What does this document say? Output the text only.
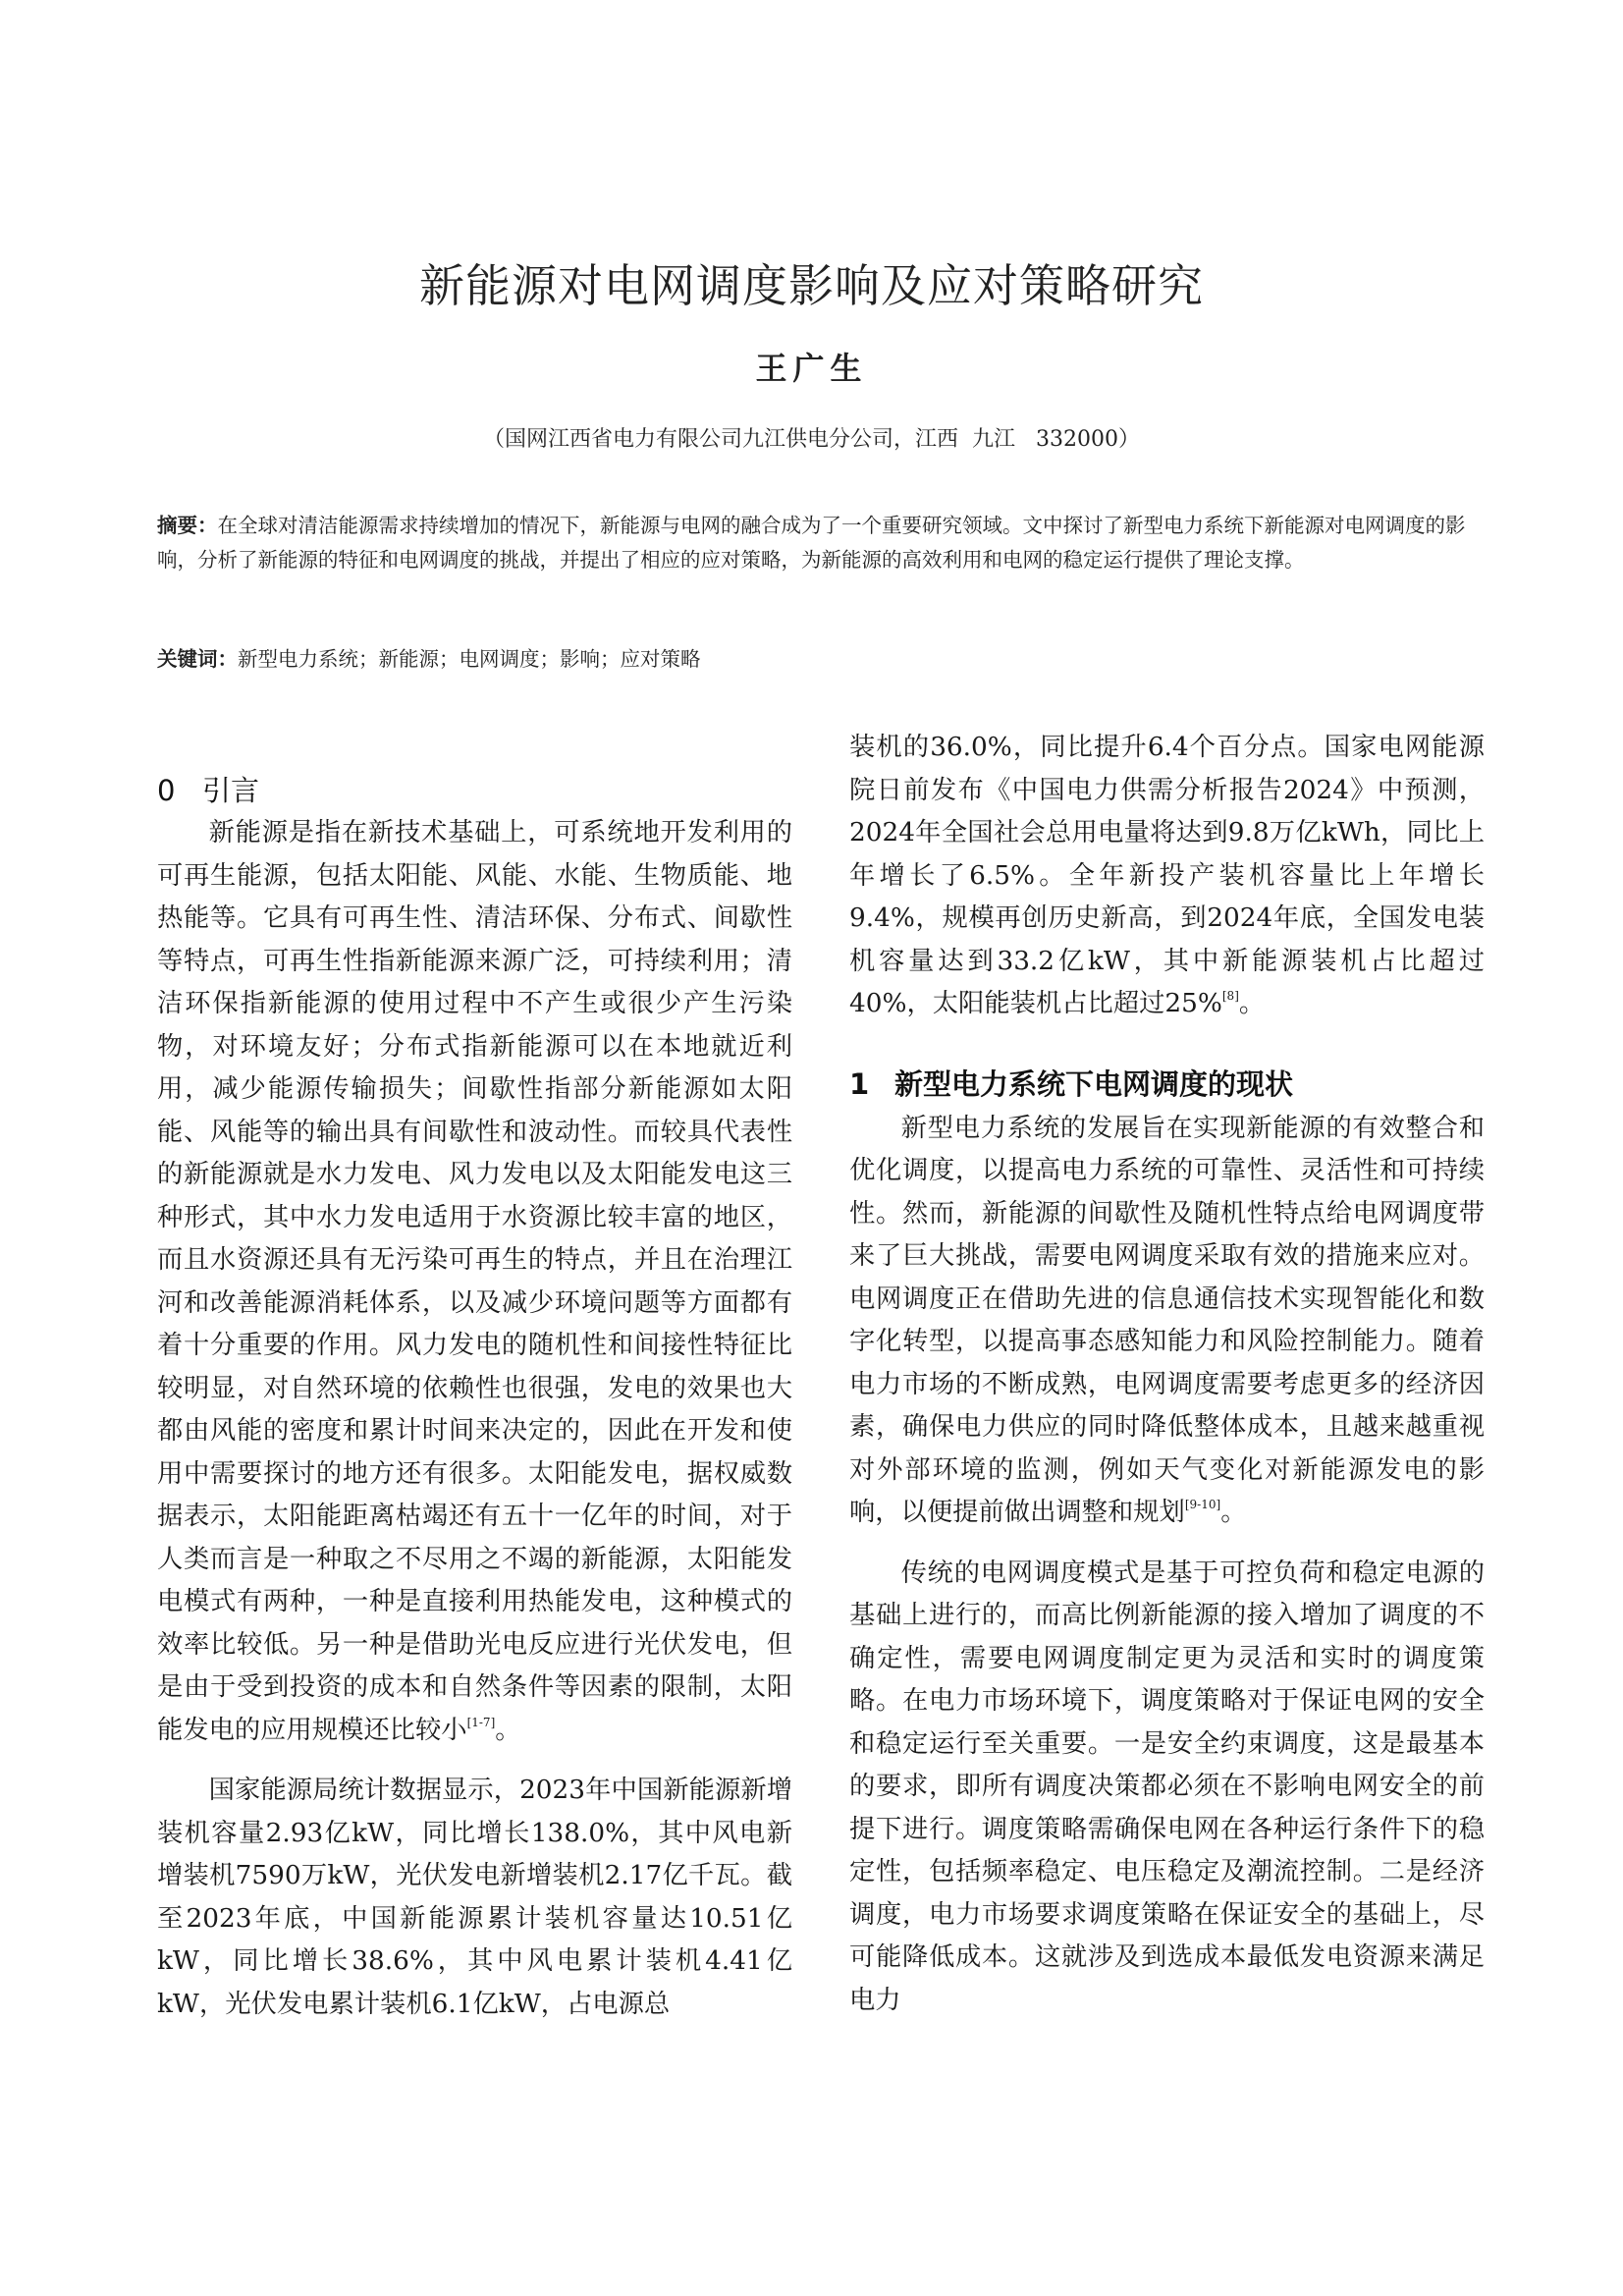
新能源对电网调度影响及应对策略研究
王广生
（国网江西省电力有限公司九江供电分公司，江西  九江   332000）
摘要：在全球对清洁能源需求持续增加的情况下，新能源与电网的融合成为了一个重要研究领域。文中探讨了新型电力系统下新能源对电网调度的影响，分析了新能源的特征和电网调度的挑战，并提出了相应的应对策略，为新能源的高效利用和电网的稳定运行提供了理论支撑。
关键词：新型电力系统；新能源；电网调度；影响；应对策略
0 引言

新能源是指在新技术基础上，可系统地开发利用的可再生能源，包括太阳能、风能、水能、生物质能、地热能等。它具有可再生性、清洁环保、分布式、间歇性等特点，可再生性指新能源来源广泛，可持续利用；清洁环保指新能源的使用过程中不产生或很少产生污染物，对环境友好；分布式指新能源可以在本地就近利用，减少能源传输损失；间歇性指部分新能源如太阳能、风能等的输出具有间歇性和波动性。而较具代表性的新能源就是水力发电、风力发电以及太阳能发电这三种形式，其中水力发电适用于水资源比较丰富的地区，而且水资源还具有无污染可再生的特点，并且在治理江河和改善能源消耗体系，以及减少环境问题等方面都有着十分重要的作用。风力发电的随机性和间接性特征比较明显，对自然环境的依赖性也很强，发电的效果也大都由风能的密度和累计时间来决定的，因此在开发和使用中需要探讨的地方还有很多。太阳能发电，据权威数据表示，太阳能距离枯竭还有五十一亿年的时间，对于人类而言是一种取之不尽用之不竭的新能源，太阳能发电模式有两种，一种是直接利用热能发电，这种模式的效率比较低。另一种是借助光电反应进行光伏发电，但是由于受到投资的成本和自然条件等因素的限制，太阳能发电的应用规模还比较小[1-7]。

国家能源局统计数据显示，2023年中国新能源新增装机容量2.93亿kW，同比增长138.0%，其中风电新增装机7590万kW，光伏发电新增装机2.17亿千瓦。截至2023年底，中国新能源累计装机容量达10.51亿kW，同比增长38.6%，其中风电累计装机4.41亿kW，光伏发电累计装机6.1亿kW，占电源总

装机的36.0%，同比提升6.4个百分点。国家电网能源院日前发布《中国电力供需分析报告2024》中预测，2024年全国社会总用电量将达到9.8万亿kWh，同比上年增长了6.5%。全年新投产装机容量比上年增长9.4%，规模再创历史新高，到2024年底，全国发电装机容量达到33.2亿kW，其中新能源装机占比超过40%，太阳能装机占比超过25%[8]。

1 新型电力系统下电网调度的现状

新型电力系统的发展旨在实现新能源的有效整合和优化调度，以提高电力系统的可靠性、灵活性和可持续性。然而，新能源的间歇性及随机性特点给电网调度带来了巨大挑战，需要电网调度采取有效的措施来应对。电网调度正在借助先进的信息通信技术实现智能化和数字化转型，以提高事态感知能力和风险控制能力。随着电力市场的不断成熟，电网调度需要考虑更多的经济因素，确保电力供应的同时降低整体成本，且越来越重视对外部环境的监测，例如天气变化对新能源发电的影响，以便提前做出调整和规划[9-10]。

传统的电网调度模式是基于可控负荷和稳定电源的基础上进行的，而高比例新能源的接入增加了调度的不确定性，需要电网调度制定更为灵活和实时的调度策略。在电力市场环境下，调度策略对于保证电网的安全和稳定运行至关重要。一是安全约束调度，这是最基本的要求，即所有调度决策都必须在不影响电网安全的前提下进行。调度策略需确保电网在各种运行条件下的稳定性，包括频率稳定、电压稳定及潮流控制。二是经济调度，电力市场要求调度策略在保证安全的基础上，尽可能降低成本。这就涉及到选成本最低发电资源来满足电力
